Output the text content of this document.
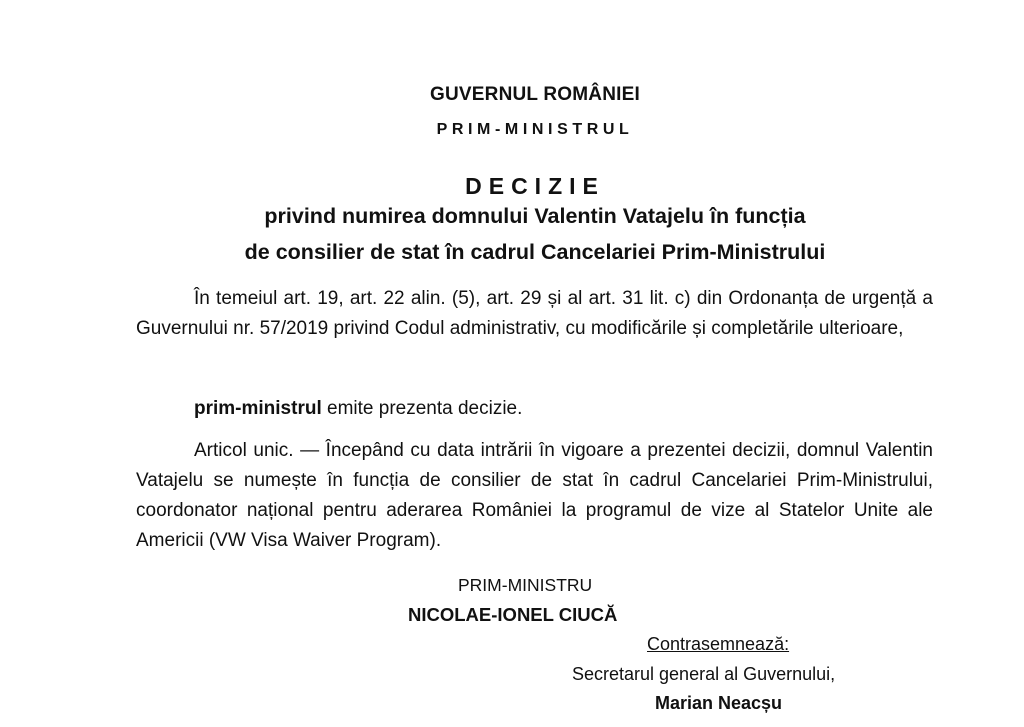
GUVERNUL ROMÂNIEI
PRIM-MINISTRUL
DECIZIE
privind numirea domnului Valentin Vatajelu în funcția
de consilier de stat în cadrul Cancelariei Prim-Ministrului

În temeiul art. 19, art. 22 alin. (5), art. 29 și al art. 31 lit. c) din Ordonanța de urgență a Guvernului nr. 57/2019 privind Codul administrativ, cu modificările și completările ulterioare,

prim-ministrul emite prezenta decizie.

Articol unic. — Începând cu data intrării în vigoare a prezentei decizii, domnul Valentin Vatajelu se numește în funcția de consilier de stat în cadrul Cancelariei Prim-Ministrului, coordonator național pentru aderarea României la programul de vize al Statelor Unite ale Americii (VW Visa Waiver Program).

PRIM-MINISTRU
NICOLAE-IONEL CIUCĂ
Contrasemnează:
Secretarul general al Guvernului,
Marian Neacșu
